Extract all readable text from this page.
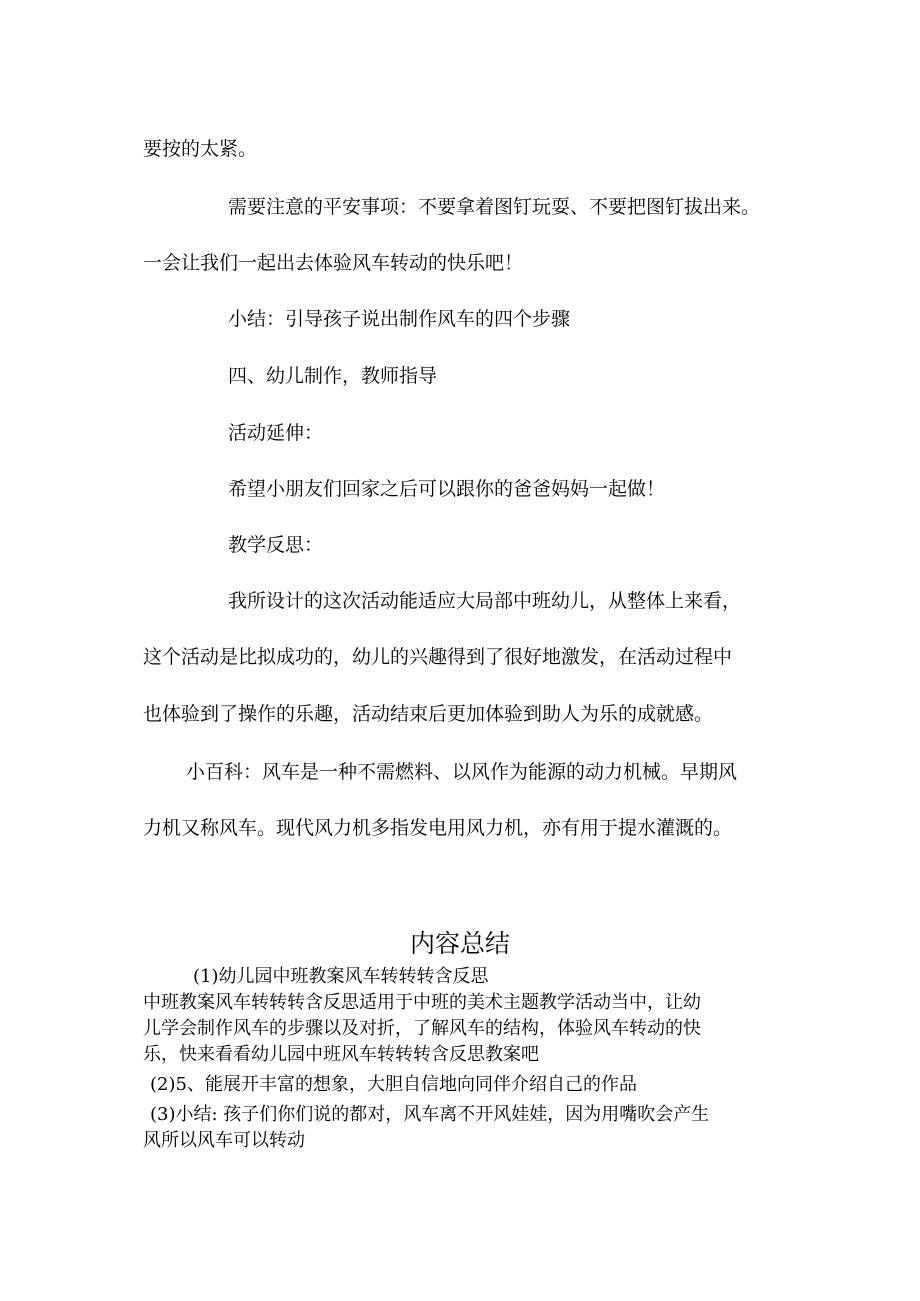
要按的太紧。
需要注意的平安事项：不要拿着图钉玩耍、不要把图钉拔出来。
一会让我们一起出去体验风车转动的快乐吧！
小结：引导孩子说出制作风车的四个步骤
四、幼儿制作，教师指导
活动延伸：
希望小朋友们回家之后可以跟你的爸爸妈妈一起做！
教学反思：
我所设计的这次活动能适应大局部中班幼儿，从整体上来看，
这个活动是比拟成功的，幼儿的兴趣得到了很好地激发，在活动过程中
也体验到了操作的乐趣，活动结束后更加体验到助人为乐的成就感。
小百科：风车是一种不需燃料、以风作为能源的动力机械。早期风
力机又称风车。现代风力机多指发电用风力机，亦有用于提水灌溉的。
内容总结
(1)幼儿园中班教案风车转转转含反思
中班教案风车转转转含反思适用于中班的美术主题教学活动当中，让幼
儿学会制作风车的步骤以及对折，了解风车的结构，体验风车转动的快
乐，快来看看幼儿园中班风车转转转含反思教案吧
(2)5、能展开丰富的想象，大胆自信地向同伴介绍自己的作品
(3)小结: 孩子们你们说的都对，风车离不开风娃娃，因为用嘴吹会产生
风所以风车可以转动
